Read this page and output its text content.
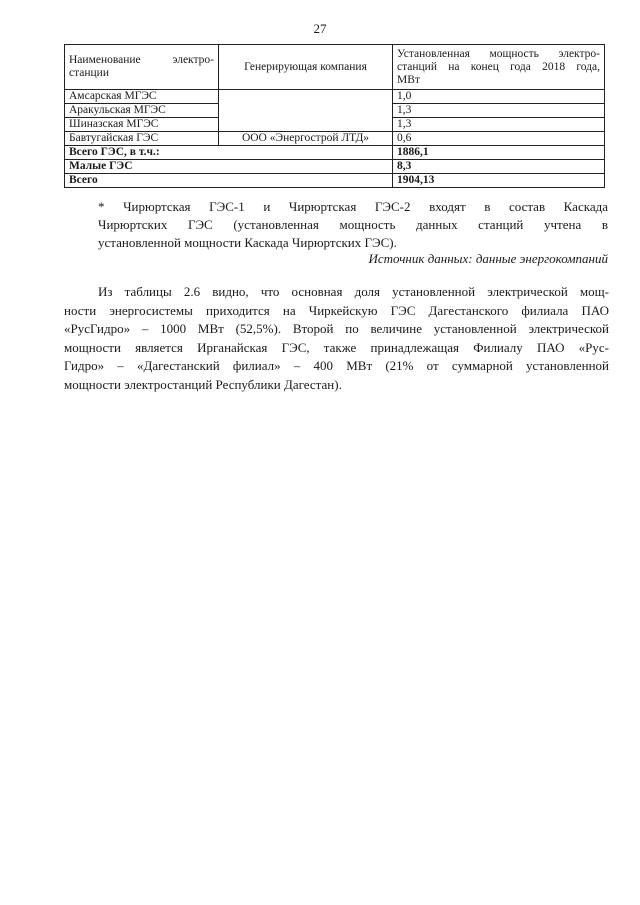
27
Наименование электро-
станции	Генерирующая компания	Установленная мощность электро-
станций на конец года 2018 года,
МВт

Амсарская МГЭС		1,0
Аракульская МГЭС		1,3
Шиназская МГЭС		1,3
Бавтугайская ГЭС	ООО «Энергострой ЛТД»	0,6
Всего ГЭС, в т.ч.:		1886,1
Малые ГЭС		8,3
Всего		1904,13
* Чирюртская ГЭС-1 и Чирюртская ГЭС-2 входят в состав Каскада
Чирюртских ГЭС (установленная мощность данных станций учтена в
установленной мощности Каскада Чирюртских ГЭС).
Источник данных: данные энергокомпаний
Из таблицы 2.6 видно, что основная доля установленной электрической мощ-
ности энергосистемы приходится на Чиркейскую ГЭС Дагестанского филиала ПАО
«РусГидро» – 1000 МВт (52,5%). Второй по величине установленной электрической
мощности является Ирганайская ГЭС, также принадлежащая Филиалу ПАО «Рус-
Гидро» – «Дагестанский филиал» – 400 МВт (21% от суммарной установленной
мощности электростанций Республики Дагестан).
